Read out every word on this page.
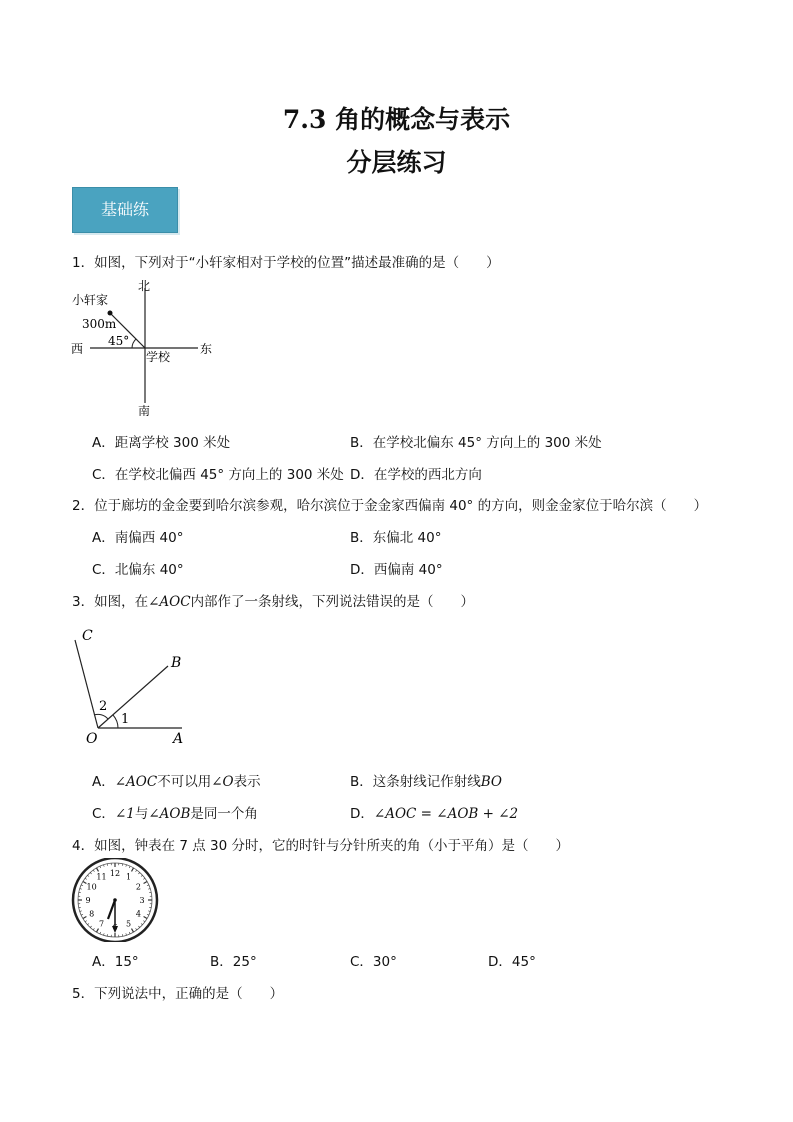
7.3 角的概念与表示
分层练习
基础练
1．如图，下列对于“小轩家相对于学校的位置”描述最准确的是（　　）
北
南
西	东
小轩家
300m
45°
学校
A．距离学校 300 米处	B．在学校北偏东 45° 方向上的 300 米处
C．在学校北偏西 45° 方向上的 300 米处 D．在学校的西北方向
2．位于廊坊的金金要到哈尔滨参观，哈尔滨位于金金家西偏南 40° 的方向，则金金家位于哈尔滨（　　）
A．南偏西 40°	B．东偏北 40°
C．北偏东 40°	D．西偏南 40°
3．如图，在∠AOC内部作了一条射线，下列说法错误的是（　　）
C
B
O	A
1
2
A．∠AOC不可以用∠O表示	B．这条射线记作射线BO
C．∠1与∠AOB是同一个角	D．∠AOC = ∠AOB + ∠2
4．如图，钟表在 7 点 30 分时，它的时针与分针所夹的角（小于平角）是（　　）
12 1
2
3
4
5
7
8
9
10
11
A．15°	B．25°	C．30°	D．45°
5．下列说法中，正确的是（　　）
